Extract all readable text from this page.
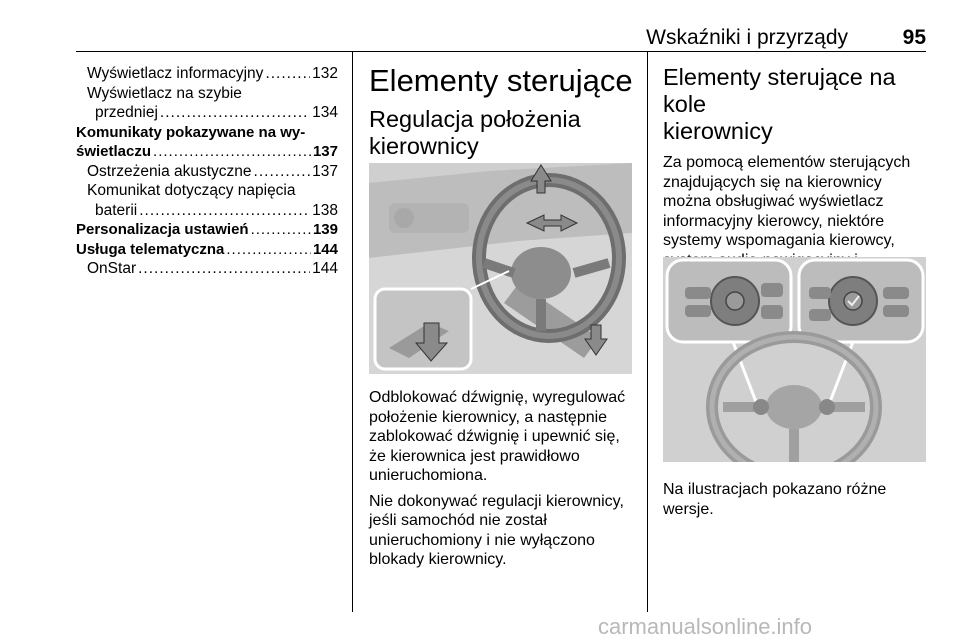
Wskaźniki i przyrządy	95
Wyświetlacz informacyjny .....	132
Wyświetlacz na szybie
przedniej .....	134
Komunikaty pokazywane na wy-
świetlaczu .....	137
Ostrzeżenia akustyczne .....	137
Komunikat dotyczący napięcia
baterii .....	138
Personalizacja ustawień .....	139
Usługa telematyczna .....	144
OnStar .....	144
Elementy sterujące
Regulacja położenia
kierownicy

Odblokować dźwignię, wyregulować położenie kierownicy, a następnie zablokować dźwignię i upewnić się, że kierownica jest prawidłowo unieruchomiona.

Nie dokonywać regulacji kierownicy, jeśli samochód nie został unieruchomiony i nie wyłączono blokady kierownicy.

Elementy sterujące na kole
kierownicy
Za pomocą elementów sterujących znajdujących się na kierownicy można obsługiwać wyświetlacz informacyjny kierowcy, niektóre systemy wspomagania kierowcy,
Na ilustracjach pokazano różne wersje.
carmanualsonline.info
